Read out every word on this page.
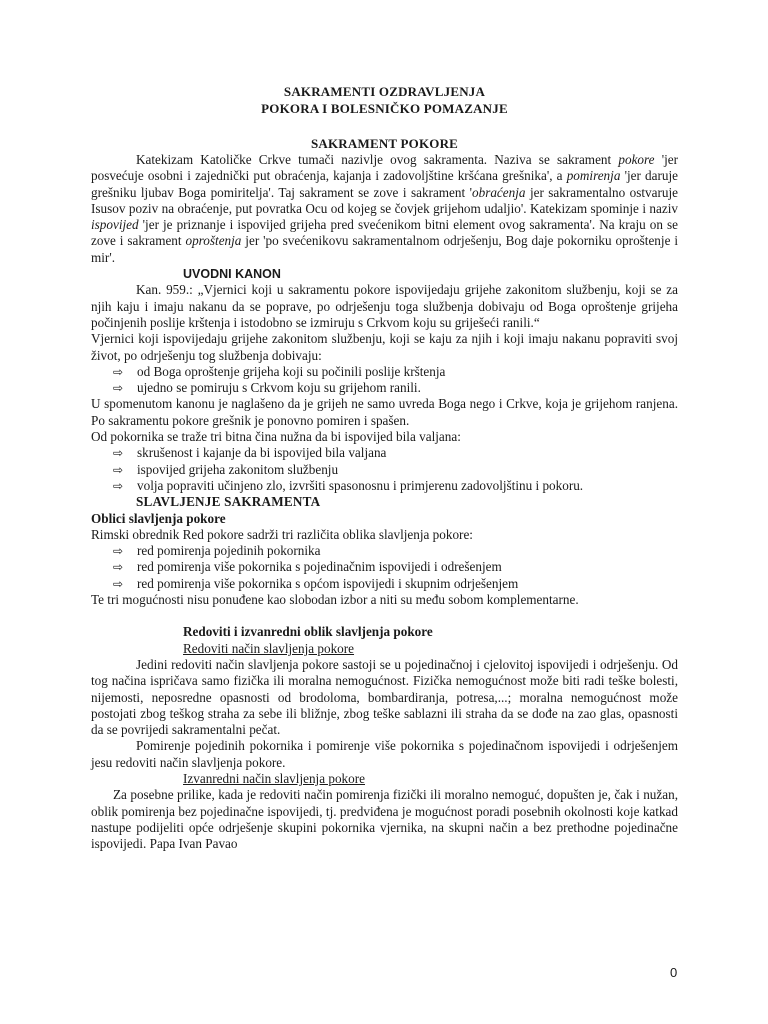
SAKRAMENTI OZDRAVLJENJA

POKORA I BOLESNIČKO POMAZANJE

SAKRAMENT POKORE

Katekizam Katoličke Crkve tumači nazivlje ovog sakramenta. Naziva se sakrament pokore 'jer posvećuje osobni i zajednički put obraćenja, kajanja i zadovoljštine kršćana grešnika', a pomirenja 'jer daruje grešniku ljubav Boga pomiritelja'. Taj sakrament se zove i sakrament 'obraćenja jer sakramentalno ostvaruje Isusov poziv na obraćenje, put povratka Ocu od kojeg se čovjek grijehom udaljio'. Katekizam spominje i naziv ispovijed 'jer je priznanje i ispovijed grijeha pred svećenikom bitni element ovog sakramenta'. Na kraju on se zove i sakrament oproštenja jer 'po svećenikovu sakramentalnom odrješenju, Bog daje pokorniku oproštenje i mir'.

UVODNI KANON

Kan. 959.: „Vjernici koji u sakramentu pokore ispovijedaju grijehe zakonitom službenju, koji se za njih kaju i imaju nakanu da se poprave, po odrješenju toga službenja dobivaju od Boga oproštenje grijeha počinjenih poslije krštenja i istodobno se izmiruju s Crkvom koju su griješeći ranili.“

Vjernici koji ispovijedaju grijehe zakonitom službenju, koji se kaju za njih i koji imaju nakanu popraviti svoj život, po odrješenju tog službenja dobivaju:

⇨ od Boga oproštenje grijeha koji su počinili poslije krštenja
⇨ ujedno se pomiruju s Crkvom koju su grijehom ranili.

U spomenutom kanonu je naglašeno da je grijeh ne samo uvreda Boga nego i Crkve, koja je grijehom ranjena. Po sakramentu pokore grešnik je ponovno pomiren i spašen.

Od pokornika se traže tri bitna čina nužna da bi ispovijed bila valjana:

⇨ skrušenost i kajanje da bi ispovijed bila valjana
⇨ ispovijed grijeha zakonitom službenju
⇨ volja popraviti učinjeno zlo, izvršiti spasonosnu i primjerenu zadovoljštinu i pokoru.

SLAVLJENJE SAKRAMENTA

Oblici slavljenja pokore

Rimski obrednik Red pokore sadrži tri različita oblika slavljenja pokore:

⇨ red pomirenja pojedinih pokornika
⇨ red pomirenja više pokornika s pojedinačnim ispovijedi i odrešenjem
⇨ red pomirenja više pokornika s općom ispovijedi i skupnim odrješenjem

Te tri mogućnosti nisu ponuđene kao slobodan izbor a niti su među sobom komplementarne.

Redoviti i izvanredni oblik slavljenja pokore

Redoviti način slavljenja pokore

Jedini redoviti način slavljenja pokore sastoji se u pojedinačnoj i cjelovitoj ispovijedi i odrješenju. Od tog načina ispričava samo fizička ili moralna nemogućnost. Fizička nemogućnost može biti radi teške bolesti, nijemosti, neposredne opasnosti od brodoloma, bombardiranja, potresa,...; moralna nemogućnost može postojati zbog teškog straha za sebe ili bližnje, zbog teške sablazni ili straha da se dođe na zao glas, opasnosti da se povrijedi sakramentalni pečat.

Pomirenje pojedinih pokornika i pomirenje više pokornika s pojedinačnom ispovijedi i odrješenjem jesu redoviti način slavljenja pokore.

Izvanredni način slavljenja pokore

Za posebne prilike, kada je redoviti način pomirenja fizički ili moralno nemoguć, dopušten je, čak i nužan, oblik pomirenja bez pojedinačne ispovijedi, tj. predviđena je mogućnost poradi posebnih okolnosti koje katkad nastupe podijeliti opće odrješenje skupini pokornika vjernika, na skupni način a bez prethodne pojedinačne ispovijedi. Papa Ivan Pavao

0
